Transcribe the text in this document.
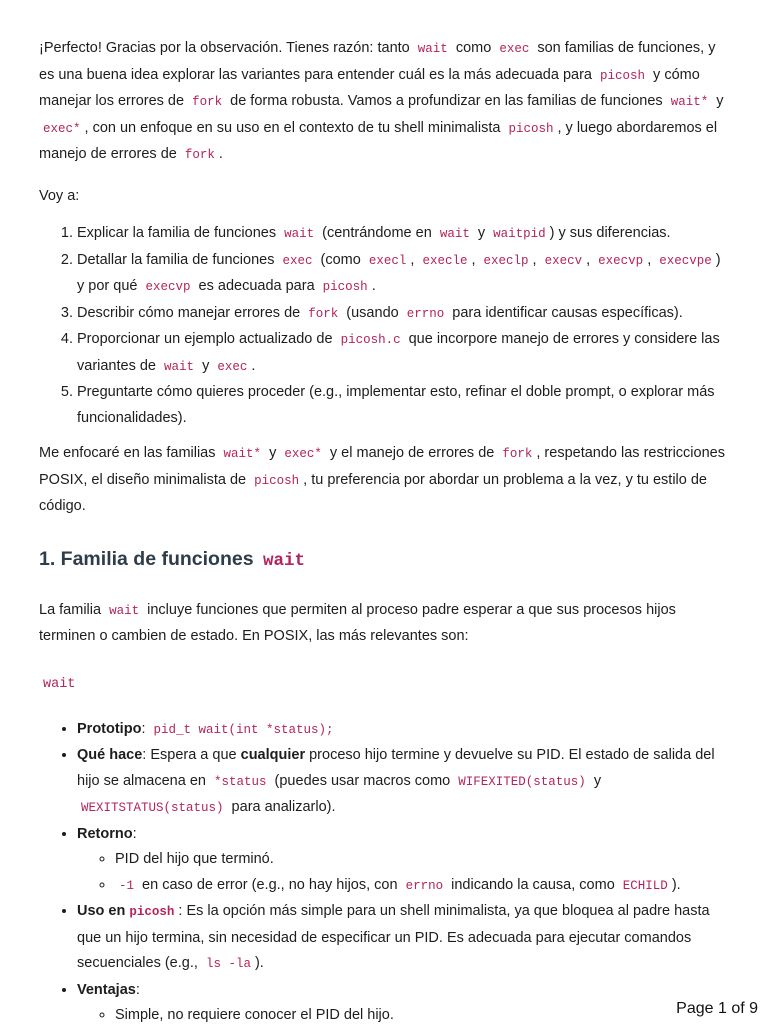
¡Perfecto! Gracias por la observación. Tienes razón: tanto wait como exec son familias de funciones, y es una buena idea explorar las variantes para entender cuál es la más adecuada para picosh y cómo manejar los errores de fork de forma robusta. Vamos a profundizar en las familias de funciones wait* y exec* , con un enfoque en su uso en el contexto de tu shell minimalista picosh , y luego abordaremos el manejo de errores de fork .

Voy a:

1. Explicar la familia de funciones wait (centrándome en wait y waitpid ) y sus diferencias.
2. Detallar la familia de funciones exec (como execl , execle , execlp , execv , execvp , execvpe ) y por qué execvp es adecuada para picosh .
3. Describir cómo manejar errores de fork (usando errno para identificar causas específicas).
4. Proporcionar un ejemplo actualizado de picosh.c que incorpore manejo de errores y considere las variantes de wait y exec .
5. Preguntarte cómo quieres proceder (e.g., implementar esto, refinar el doble prompt, o explorar más funcionalidades).

Me enfocaré en las familias wait* y exec* y el manejo de errores de fork , respetando las restricciones POSIX, el diseño minimalista de picosh , tu preferencia por abordar un problema a la vez, y tu estilo de código.

1. Familia de funciones wait

La familia wait incluye funciones que permiten al proceso padre esperar a que sus procesos hijos terminen o cambien de estado. En POSIX, las más relevantes son:

wait
• Prototipo: pid_t wait(int *status);
• Qué hace: Espera a que cualquier proceso hijo termine y devuelve su PID. El estado de salida del hijo se almacena en *status (puedes usar macros como WIFEXITED(status) y WEXITSTATUS(status) para analizarlo).
• Retorno:
◦ PID del hijo que terminó.
◦ -1 en caso de error (e.g., no hay hijos, con errno indicando la causa, como ECHILD ).
• Uso en picosh : Es la opción más simple para un shell minimalista, ya que bloquea al padre hasta que un hijo termina, sin necesidad de especificar un PID. Es adecuada para ejecutar comandos secuenciales (e.g., ls -la ).
• Ventajas:
◦ Simple, no requiere conocer el PID del hijo.	Page 1 of 9
